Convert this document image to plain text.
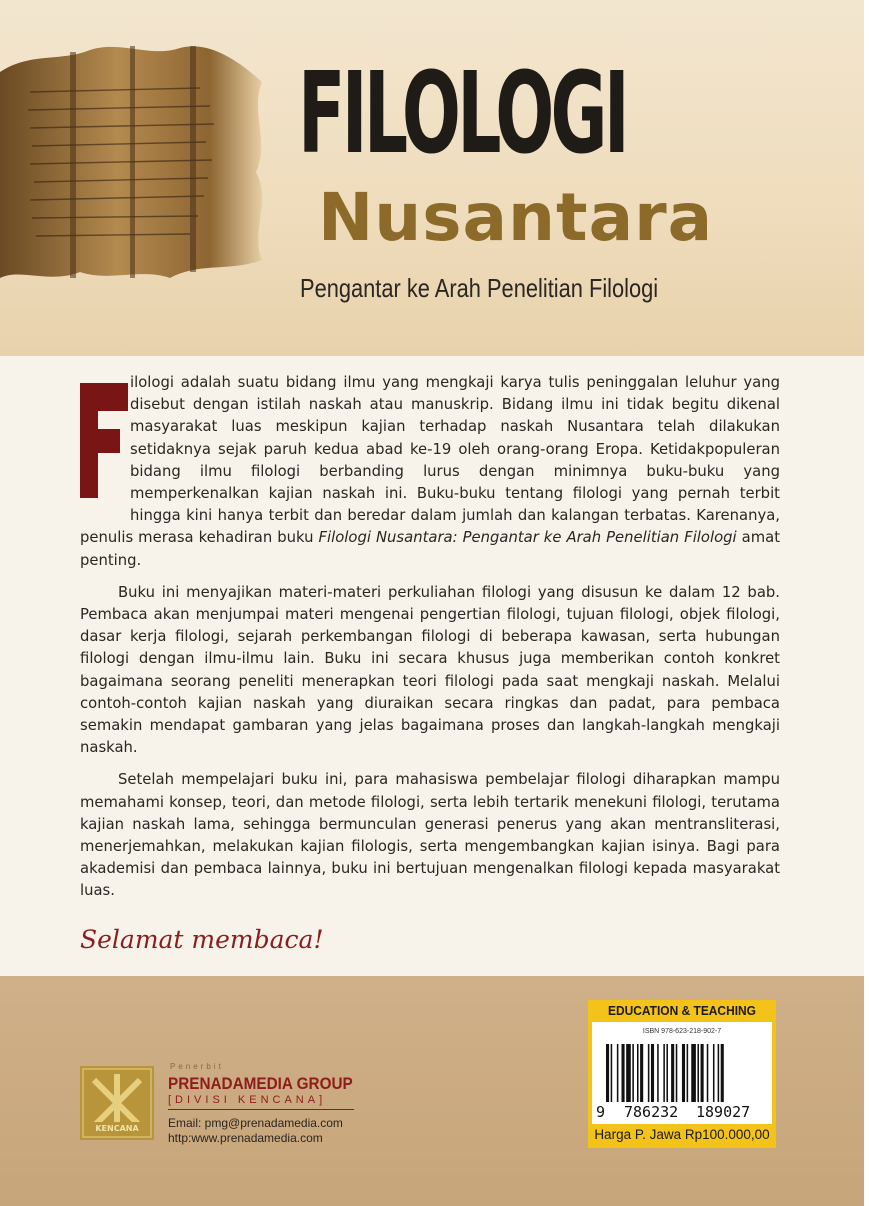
FILOLOGI
Nusantara

Pengantar ke Arah Penelitian Filologi

ilologi adalah suatu bidang ilmu yang mengkaji karya tulis peninggalan leluhur yang disebut dengan istilah naskah atau manuskrip. Bidang ilmu ini tidak begitu dikenal masyarakat luas meskipun kajian terhadap naskah Nusantara telah dilakukan setidaknya sejak paruh kedua abad ke-19 oleh orang-orang Eropa. Ketidakpopuleran bidang ilmu filologi berbanding lurus dengan minimnya buku-buku yang memperkenalkan kajian naskah ini. Buku-buku tentang filologi yang pernah terbit hingga kini hanya terbit dan beredar dalam jumlah dan kalangan terbatas. Karenanya, penulis merasa kehadiran buku Filologi Nusantara: Pengantar ke Arah Penelitian Filologi amat penting.

Buku ini menyajikan materi-materi perkuliahan filologi yang disusun ke dalam 12 bab. Pembaca akan menjumpai materi mengenai pengertian filologi, tujuan filologi, objek filologi, dasar kerja filologi, sejarah perkembangan filologi di beberapa kawasan, serta hubungan filologi dengan ilmu-ilmu lain. Buku ini secara khusus juga memberikan contoh konkret bagaimana seorang peneliti menerapkan teori filologi pada saat mengkaji naskah. Melalui contoh-contoh kajian naskah yang diuraikan secara ringkas dan padat, para pembaca semakin mendapat gambaran yang jelas bagaimana proses dan langkah-langkah mengkaji naskah.

Setelah mempelajari buku ini, para mahasiswa pembelajar filologi diharapkan mampu memahami konsep, teori, dan metode filologi, serta lebih tertarik menekuni filologi, terutama kajian naskah lama, sehingga bermunculan generasi penerus yang akan mentransliterasi, menerjemahkan, melakukan kajian filologis, serta mengembangkan kajian isinya. Bagi para akademisi dan pembaca lainnya, buku ini bertujuan mengenalkan filologi kepada masyarakat luas.

Selamat membaca!

KENCANA

Penerbit

PRENADAMEDIA GROUP

[DIVISI KENCANA]

Email: pmg@prenadamedia.com

http:www.prenadamedia.com

EDUCATION & TEACHING

ISBN 978-623-218-902-7

9 786232 189027

Harga P. Jawa Rp100.000,00
